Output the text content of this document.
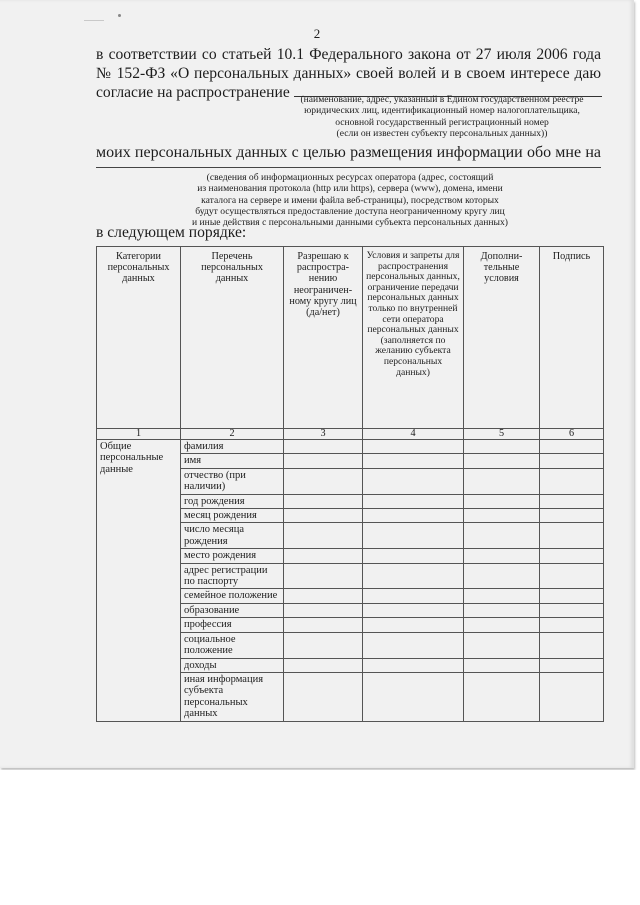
2
в соответствии со статьей 10.1 Федерального закона от 27 июля 2006 года
№ 152-ФЗ «О персональных данных» своей волей и в своем интересе даю
согласие на распространение	(наименование, адрес, указанный в Едином государственном реестре
юридических лиц, идентификационный номер налогоплательщика,
основной государственный регистрационный номер
(если он известен субъекту персональных данных))
моих персональных данных с целью размещения информации обо мне на
(сведения об информационных ресурсах оператора (адрес, состоящий
из наименования протокола (http или https), сервера (www), домена, имени
каталога на сервере и имени файла веб-страницы), посредством которых
будут осуществляться предоставление доступа неограниченному кругу лиц
и иные действия с персональными данными субъекта персональных данных)
в следующем порядке:
Категории персональных данных	Перечень персональных данных	Разрешаю к распростра-нению неограничен-ному кругу лиц (да/нет)	Условия и запреты для распространения персональных данных, ограничение передачи персональных данных только по внутренней сети оператора персональных данных (заполняется по желанию субъекта персональных данных)	Дополни-тельные условия	Подпись
1	2	3	4	5	6
Общие персональные данные	фамилия				
	имя				
	отчество (при наличии)				
	год рождения				
	месяц рождения				
	число месяца рождения				
	место рождения				
	адрес регистрации по паспорту				
	семейное положение				
	образование				
	профессия				
	социальное положение				
	доходы				
	иная информация субъекта персональных данных				
